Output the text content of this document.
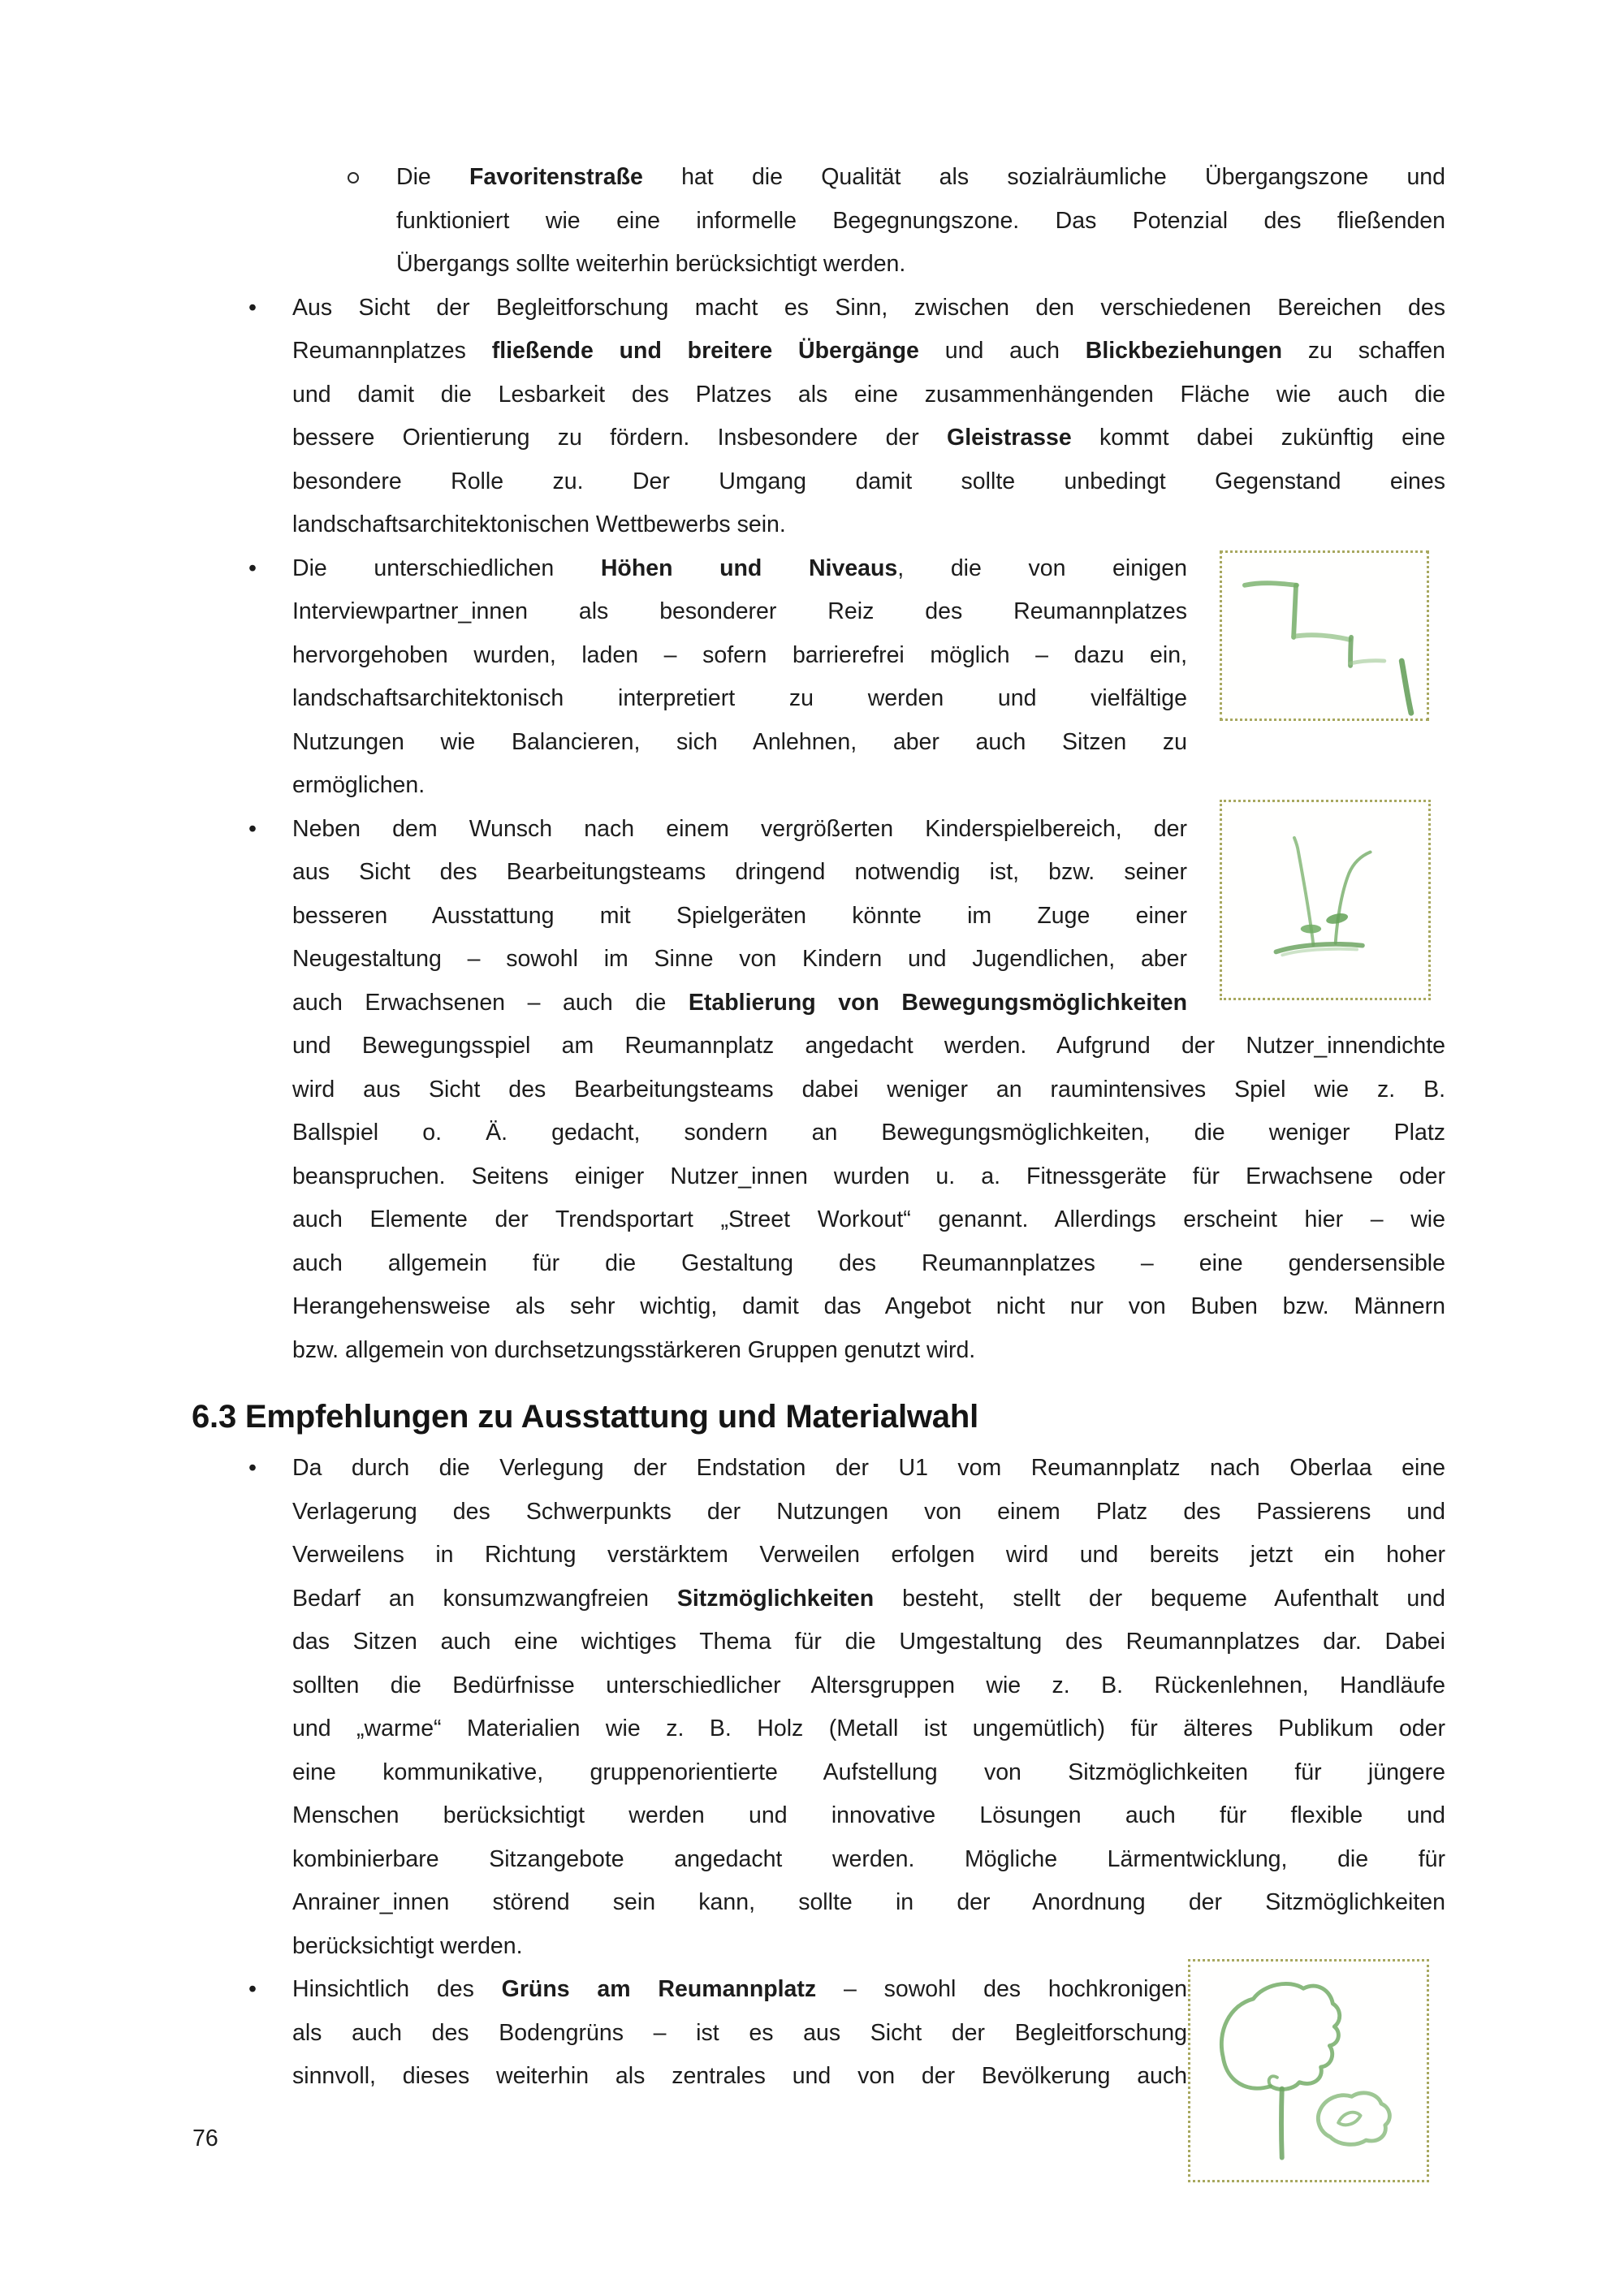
Die Favoritenstraße hat die Qualität als sozialräumliche Übergangszone und
funktioniert wie eine informelle Begegnungszone. Das Potenzial des fließenden
Übergangs sollte weiterhin berücksichtigt werden.
•	Aus Sicht der Begleitforschung macht es Sinn, zwischen den verschiedenen Bereichen des
Reumannplatzes fließende und breitere Übergänge und auch Blickbeziehungen zu schaffen
und damit die Lesbarkeit des Platzes als eine zusammenhängenden Fläche wie auch die
bessere Orientierung zu fördern. Insbesondere der Gleistrasse kommt dabei zukünftig eine
besondere Rolle zu. Der Umgang damit sollte unbedingt Gegenstand eines
landschaftsarchitektonischen Wettbewerbs sein.
•	Die unterschiedlichen Höhen und Niveaus, die von einigen
Interviewpartner_innen als besonderer Reiz des Reumannplatzes
hervorgehoben wurden, laden – sofern barrierefrei möglich – dazu ein,
landschaftsarchitektonisch interpretiert zu werden und vielfältige
Nutzungen wie Balancieren, sich Anlehnen, aber auch Sitzen zu
ermöglichen.
•	Neben dem Wunsch nach einem vergrößerten Kinderspielbereich, der
aus Sicht des Bearbeitungsteams dringend notwendig ist, bzw. seiner
besseren Ausstattung mit Spielgeräten könnte im Zuge einer
Neugestaltung – sowohl im Sinne von Kindern und Jugendlichen, aber
auch Erwachsenen – auch die Etablierung von Bewegungsmöglichkeiten
und Bewegungsspiel am Reumannplatz angedacht werden. Aufgrund der Nutzer_innendichte
wird aus Sicht des Bearbeitungsteams dabei weniger an raumintensives Spiel wie z. B.
Ballspiel o. Ä. gedacht, sondern an Bewegungsmöglichkeiten, die weniger Platz
beanspruchen. Seitens einiger Nutzer_innen wurden u. a. Fitnessgeräte für Erwachsene oder
auch Elemente der Trendsportart „Street Workout“ genannt. Allerdings erscheint hier – wie
auch allgemein für die Gestaltung des Reumannplatzes – eine gendersensible
Herangehensweise als sehr wichtig, damit das Angebot nicht nur von Buben bzw. Männern
bzw. allgemein von durchsetzungsstärkeren Gruppen genutzt wird.
6.3 Empfehlungen zu Ausstattung und Materialwahl
•	Da durch die Verlegung der Endstation der U1 vom Reumannplatz nach Oberlaa eine
Verlagerung des Schwerpunkts der Nutzungen von einem Platz des Passierens und
Verweilens in Richtung verstärktem Verweilen erfolgen wird und bereits jetzt ein hoher
Bedarf an konsumzwangfreien Sitzmöglichkeiten besteht, stellt der bequeme Aufenthalt und
das Sitzen auch eine wichtiges Thema für die Umgestaltung des Reumannplatzes dar. Dabei
sollten die Bedürfnisse unterschiedlicher Altersgruppen wie z. B. Rückenlehnen, Handläufe
und „warme“ Materialien wie z. B. Holz (Metall ist ungemütlich) für älteres Publikum oder
eine kommunikative, gruppenorientierte Aufstellung von Sitzmöglichkeiten für jüngere
Menschen berücksichtigt werden und innovative Lösungen auch für flexible und
kombinierbare Sitzangebote angedacht werden. Mögliche Lärmentwicklung, die für
Anrainer_innen störend sein kann, sollte in der Anordnung der Sitzmöglichkeiten
berücksichtigt werden.
•	Hinsichtlich des Grüns am Reumannplatz – sowohl des hochkronigen
als auch des Bodengrüns – ist es aus Sicht der Begleitforschung
sinnvoll, dieses weiterhin als zentrales und von der Bevölkerung auch
76
